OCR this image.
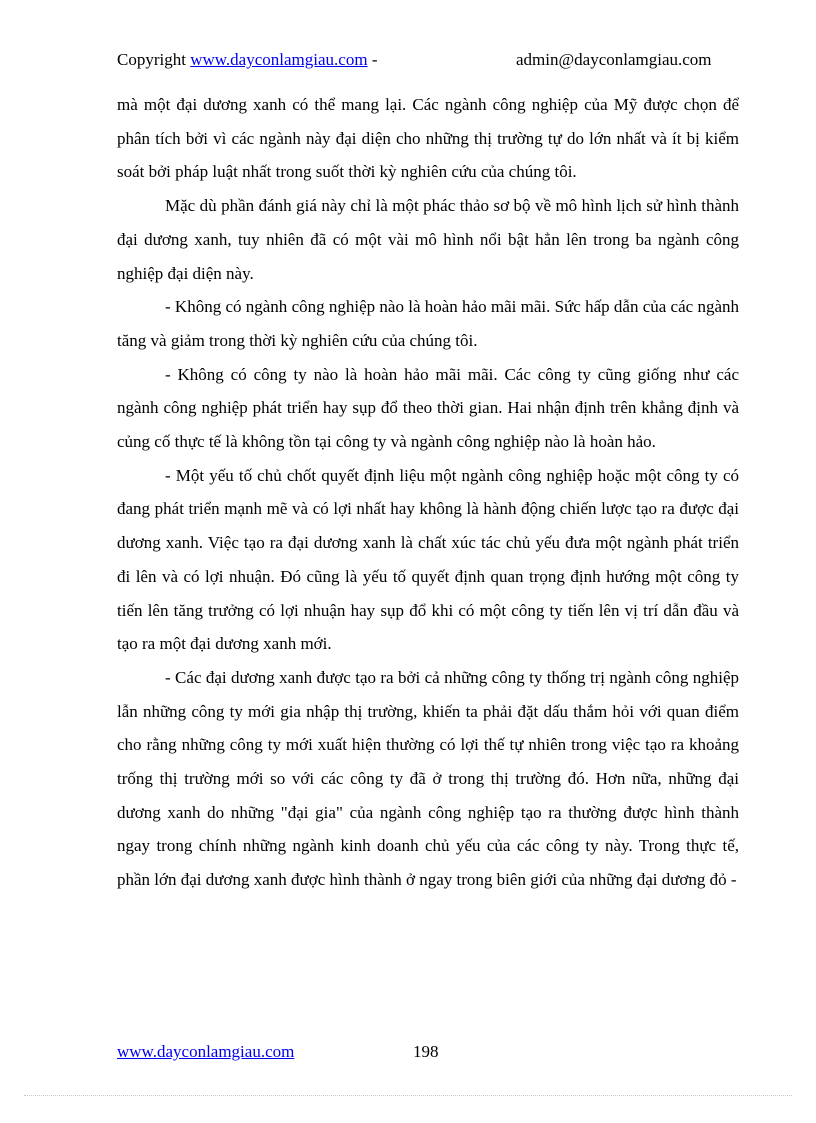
Copyright www.dayconlamgiau.com -	admin@dayconlamgiau.com

mà một đại dương xanh có thể mang lại. Các ngành công nghiệp của Mỹ được chọn để phân tích bởi vì các ngành này đại diện cho những thị trường tự do lớn nhất và ít bị kiểm soát bởi pháp luật nhất trong suốt thời kỳ nghiên cứu của chúng tôi.

Mặc dù phần đánh giá này chỉ là một phác thảo sơ bộ về mô hình lịch sử hình thành đại dương xanh, tuy nhiên đã có một vài mô hình nổi bật hẳn lên trong ba ngành công nghiệp đại diện này.

- Không có ngành công nghiệp nào là hoàn hảo mãi mãi. Sức hấp dẫn của các ngành tăng và giảm trong thời kỳ nghiên cứu của chúng tôi.

- Không có công ty nào là hoàn hảo mãi mãi. Các công ty cũng giống như các ngành công nghiệp phát triển hay sụp đổ theo thời gian. Hai nhận định trên khẳng định và củng cố thực tế là không tồn tại công ty và ngành công nghiệp nào là hoàn hảo.

- Một yếu tố chủ chốt quyết định liệu một ngành công nghiệp hoặc một công ty có đang phát triển mạnh mẽ và có lợi nhất hay không là hành động chiến lược tạo ra được đại dương xanh. Việc tạo ra đại dương xanh là chất xúc tác chủ yếu đưa một ngành phát triển đi lên và có lợi nhuận. Đó cũng là yếu tố quyết định quan trọng định hướng một công ty tiến lên tăng trưởng có lợi nhuận hay sụp đổ khi có một công ty tiến lên vị trí dẫn đầu và tạo ra một đại dương xanh mới.

- Các đại dương xanh được tạo ra bởi cả những công ty thống trị ngành công nghiệp lẫn những công ty mới gia nhập thị trường, khiến ta phải đặt dấu thắm hỏi với quan điểm cho rằng những công ty mới xuất hiện thường có lợi thế tự nhiên trong việc tạo ra khoảng trống thị trường mới so với các công ty đã ở trong thị trường đó. Hơn nữa, những đại dương xanh do những "đại gia" của ngành công nghiệp tạo ra thường được hình thành ngay trong chính những ngành kinh doanh chủ yếu của các công ty này. Trong thực tế, phần lớn đại dương xanh được hình thành ở ngay trong biên giới của những đại dương đỏ -

www.dayconlamgiau.com	198
